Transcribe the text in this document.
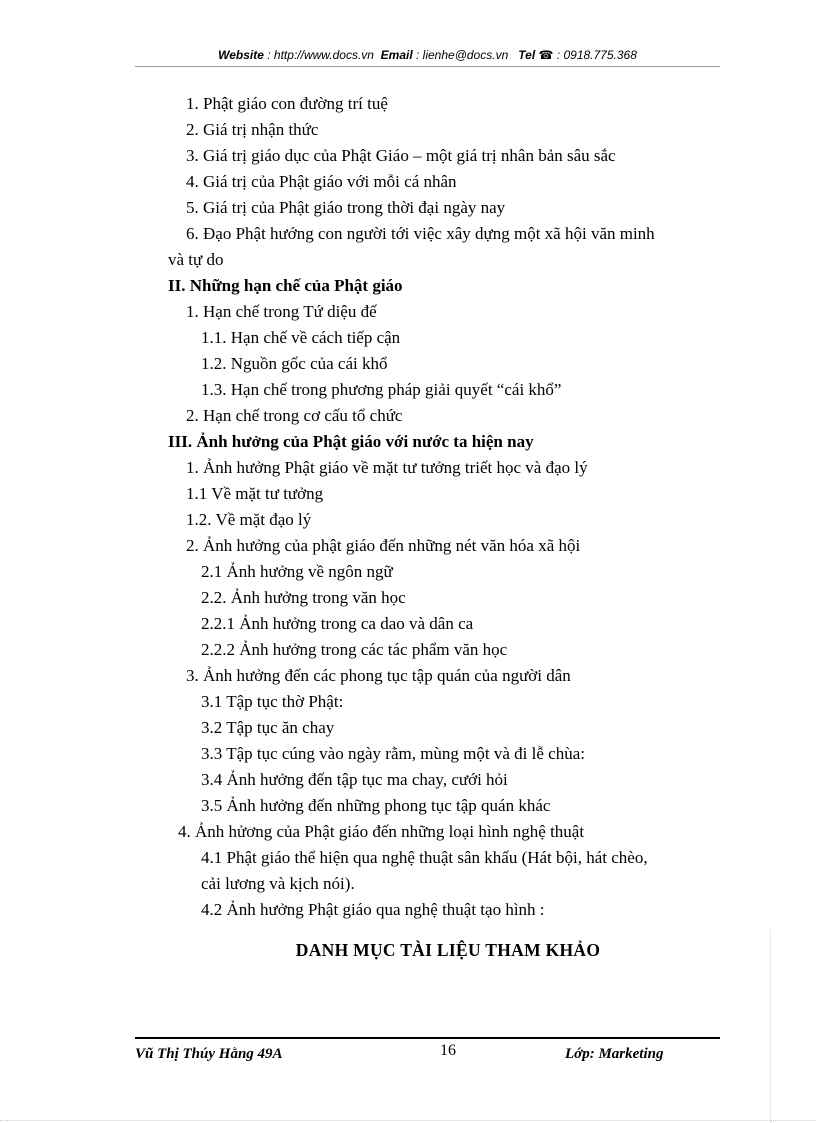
Website : http://www.docs.vn Email : lienhe@docs.vn Tel ☎ : 0918.775.368
1. Phật giáo con đường trí tuệ
2. Giá trị nhận thức
3. Giá trị giáo dục của Phật Giáo – một giá trị nhân bản sâu sắc
4. Giá trị của Phật giáo với mỗi cá nhân
5. Giá trị của Phật giáo trong thời đại ngày nay
6. Đạo Phật hướng con người tới việc xây dựng một xã hội văn minh
và tự do
II. Những hạn chế của Phật giáo
1. Hạn chế trong Tứ diệu đế
1.1. Hạn chế về cách tiếp cận
1.2. Nguồn gốc của cái khổ
1.3. Hạn chế trong phương pháp giải quyết “cái khổ”
2. Hạn chế trong cơ cấu tổ chức
III. Ảnh hưởng của Phật giáo với nước ta hiện nay
1. Ảnh hưởng Phật giáo về mặt tư tưởng triết học và đạo lý
1.1 Về mặt tư tưởng
1.2. Về mặt đạo lý
2. Ảnh hưởng của phật giáo đến những nét văn hóa xã hội
2.1 Ảnh hưởng về ngôn ngữ
2.2. Ảnh hưởng trong văn học
2.2.1 Ảnh hưởng trong ca dao và dân ca
2.2.2 Ảnh hưởng trong các tác phẩm văn học
3. Ảnh hưởng đến các phong tục tập quán của người dân
3.1 Tập tục thờ Phật:
3.2 Tập tục ăn chay
3.3 Tập tục cúng vào ngày rằm, mùng một và đi lễ chùa:
3.4 Ảnh hưởng đến tập tục ma chay, cưới hỏi
3.5 Ảnh hưởng đến những phong tục tập quán khác
4. Ảnh hửơng của Phật giáo đến những loại hình nghệ thuật
4.1 Phật giáo thể hiện qua nghệ thuật sân khấu (Hát bội, hát chèo,
cải lương và kịch nói).
4.2 Ảnh hưởng Phật giáo qua nghệ thuật tạo hình :
DANH MỤC TÀI LIỆU THAM KHẢO
Vũ Thị Thúy Hằng 49A	16	Lớp: Marketing
